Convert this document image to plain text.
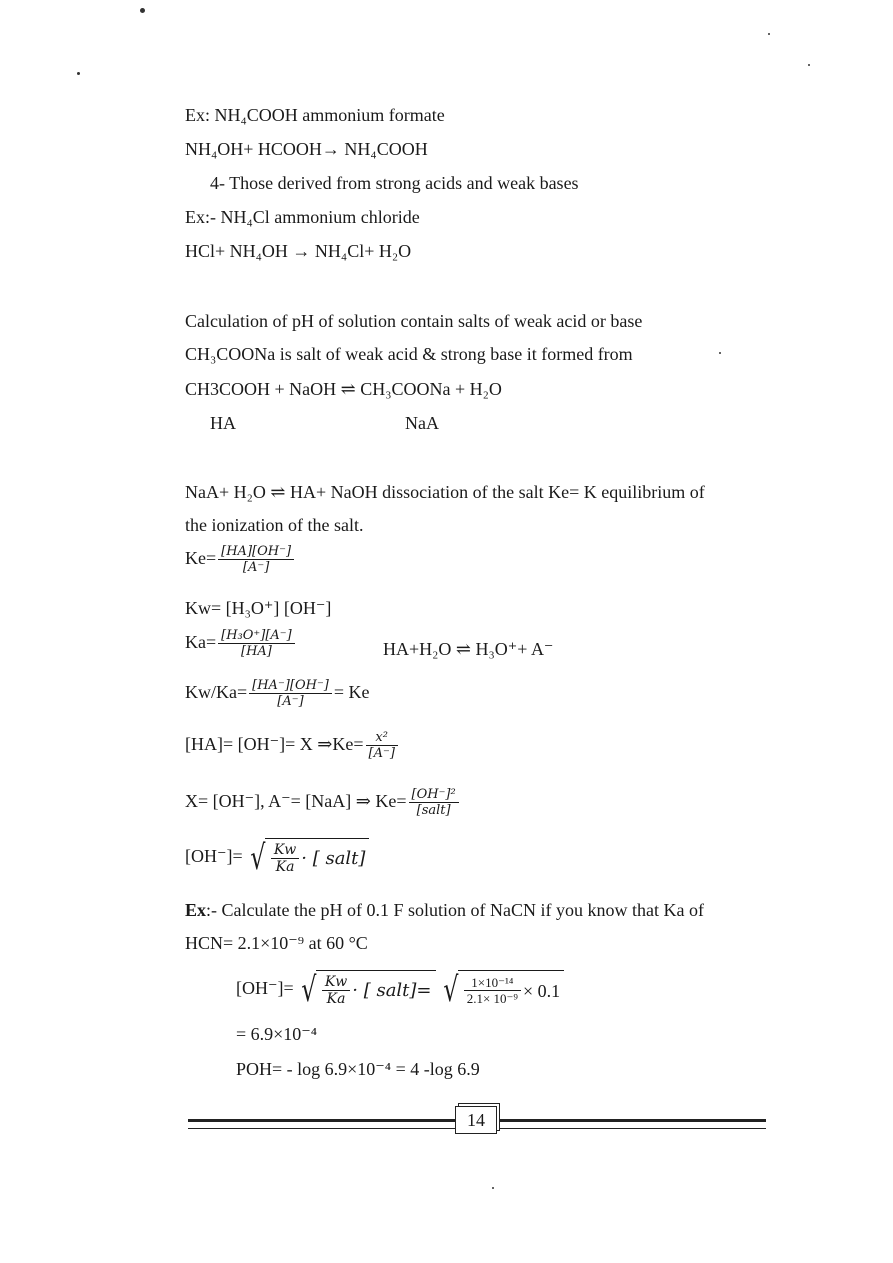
Ex: NH₄COOH ammonium formate
NH₄OH+ HCOOH→ NH₄COOH
4- Those derived from strong acids and weak bases
Ex:- NH₄Cl ammonium chloride
HCl+ NH₄OH → NH₄Cl+ H₂O
Calculation of pH of solution contain salts of weak acid or base
CH₃COONa is salt of weak acid & strong base it formed from
CH3COOH + NaOH ⇌ CH₃COONa + H₂O
HA	NaA
NaA+ H₂O ⇌ HA+ NaOH dissociation of the salt Ke= K equilibrium of
the ionization of the salt.
$Ke= \frac{[HA][OH^-]}{[A^-]}$
Kw= [H₃O⁺] [OH⁻]
$Ka= \frac{\text{[H₃O⁺][A⁻]}}{[HA]}$	HA+H₂O ⇌ H₃O⁺+ A⁻
$Kw/Ka= \frac{[HA^-][OH^-]}{[A^-]} = Ke$
[HA]= [OH⁻]= X ⇒Ke= $\frac{\text{x²}}{[A^-]}$
X= [OH⁻], A⁻= [NaA] ⇒ $Ke= \frac{\text{[OH⁻]²}}{\text{[salt]}}$
[OH⁻]= √ $\frac{Kw}{Ka}$ · [ salt]
Ex:- Calculate the pH of 0.1 F solution of NaCN if you know that Ka of
HCN= 2.1×10⁻⁹ at 60 °C
[OH⁻]= √ $\frac{Kw}{Ka}$ · [ salt]=
√ $\frac{\text{1×10⁻¹⁴}}{\text{2.1× 10⁻⁹}} \times 0.1$
= 6.9×10⁻⁴
POH= - log 6.9×10⁻⁴ = 4 -log 6.9
14
